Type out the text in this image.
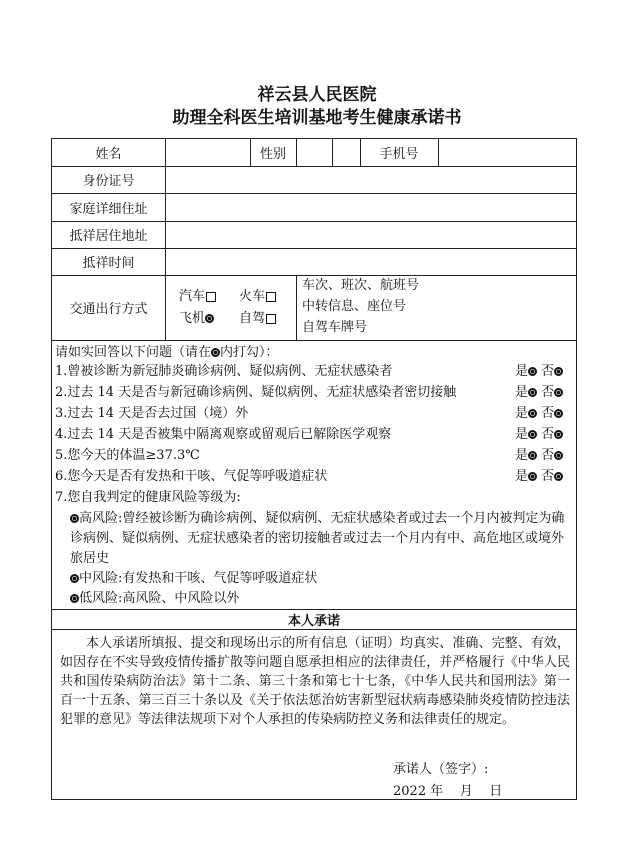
祥云县人民医院
助理全科医生培训基地考生健康承诺书
姓名	性别	手机号
身份证号
家庭详细住址
抵祥居住地址
抵祥时间
交通出行方式
汽车	火车
飞机	自驾
车次、班次、航班号
中转信息、座位号
自驾车牌号
请如实回答以下问题（请在 内打勾）：
1.曾被诊断为新冠肺炎确诊病例、疑似病例、无症状感染者	是 否
2.过去 14 天是否与新冠确诊病例、疑似病例、无症状感染者密切接触	是 否
3.过去 14 天是否去过国（境）外	是 否
4.过去 14 天是否被集中隔离观察或留观后已解除医学观察	是 否
5.您今天的体温≥37.3℃	是 否
6.您今天是否有发热和干咳、气促等呼吸道症状	是 否
7.您自我判定的健康风险等级为:
高风险:曾经被诊断为确诊病例、疑似病例、无症状感染者或过去一个月内被判定为确诊病例、疑似病例、无症状感染者的密切接触者或过去一个月内有中、高危地区或境外旅居史
中风险:有发热和干咳、气促等呼吸道症状
低风险:高风险、中风险以外
本人承诺
本人承诺所填报、提交和现场出示的所有信息（证明）均真实、准确、完整、有效，如因存在不实导致疫情传播扩散等问题自愿承担相应的法律责任，并严格履行《中华人民共和国传染病防治法》第十二条、第三十条和第七十七条，《中华人民共和国刑法》第一百一十五条、第三百三十条以及《关于依法惩治妨害新型冠状病毒感染肺炎疫情防控违法犯罪的意见》等法律法规项下对个人承担的传染病防控义务和法律责任的规定。
承诺人（签字）:
2022 年    月    日
